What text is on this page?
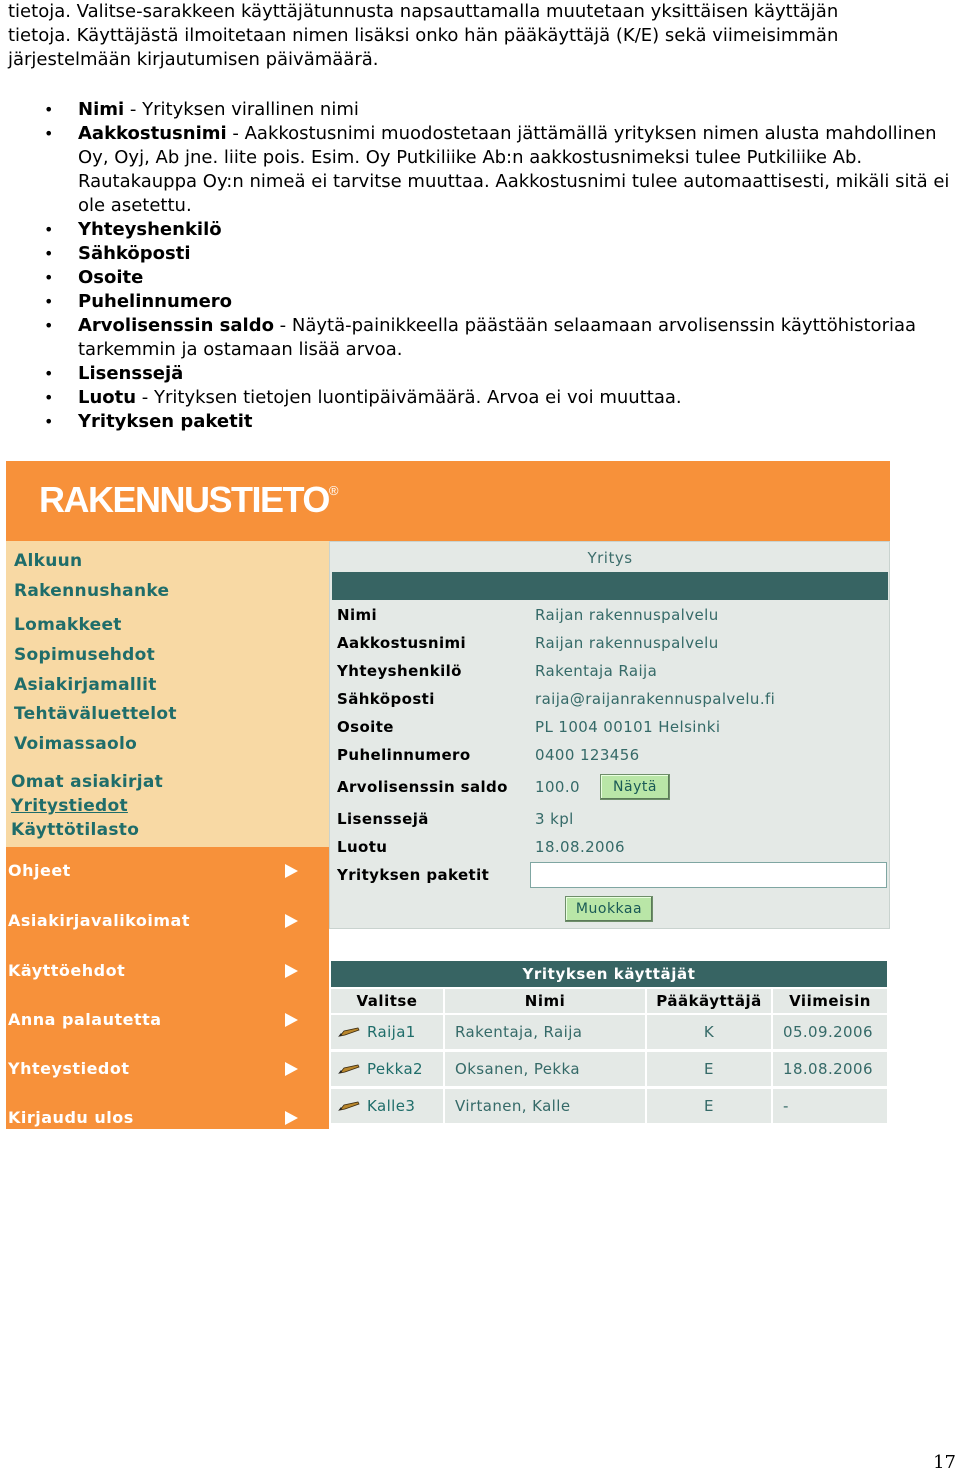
tietoja. Valitse-sarakkeen käyttäjätunnusta napsauttamalla muutetaan yksittäisen käyttäjän

tietoja. Käyttäjästä ilmoitetaan nimen lisäksi onko hän pääkäyttäjä (K/E) sekä viimeisimmän

järjestelmään kirjautumisen päivämäärä.

• Nimi - Yrityksen virallinen nimi
• Aakkostusnimi - Aakkostusnimi muodostetaan jättämällä yrityksen nimen alusta mahdollinen Oy, Oyj, Ab jne. liite pois. Esim. Oy Putkiliike Ab:n aakkostusnimeksi tulee Putkiliike Ab. Rautakauppa Oy:n nimeä ei tarvitse muuttaa. Aakkostusnimi tulee automaattisesti, mikäli sitä ei ole asetettu.
• Yhteyshenkilö
• Sähköposti
• Osoite
• Puhelinnumero
• Arvolisenssin saldo - Näytä-painikkeella päästään selaamaan arvolisenssin käyttöhistoriaa tarkemmin ja ostamaan lisää arvoa.
• Lisenssejä
• Luotu - Yrityksen tietojen luontipäivämäärä. Arvoa ei voi muuttaa.
• Yrityksen paketit
RAKENNUSTIETO®
Alkuun
Rakennushanke
Lomakkeet
Sopimusehdot
Asiakirjamallit
Tehtäväluettelot
Voimassaolo
Omat asiakirjat
Yritystiedot
Käyttötilasto
Ohjeet
Asiakirjavalikoimat
Käyttöehdot
Anna palautetta
Yhteystiedot
Kirjaudu ulos
Yritys
Nimi	Raijan rakennuspalvelu
Aakkostusnimi	Raijan rakennuspalvelu
Yhteyshenkilö	Rakentaja Raija
Sähköposti	raija@raijanrakennuspalvelu.fi
Osoite	PL 1004 00101 Helsinki
Puhelinnumero	0400 123456
Arvolisenssin saldo	100.0	Näytä
Lisenssejä	3 kpl
Luotu	18.08.2006
Yrityksen paketit
Muokkaa
Yrityksen käyttäjät
Valitse	Nimi	Pääkäyttäjä	Viimeisin
Raija1	Rakentaja, Raija	K	05.09.2006
Pekka2	Oksanen, Pekka	E	18.08.2006
Kalle3	Virtanen, Kalle	E	-
17
